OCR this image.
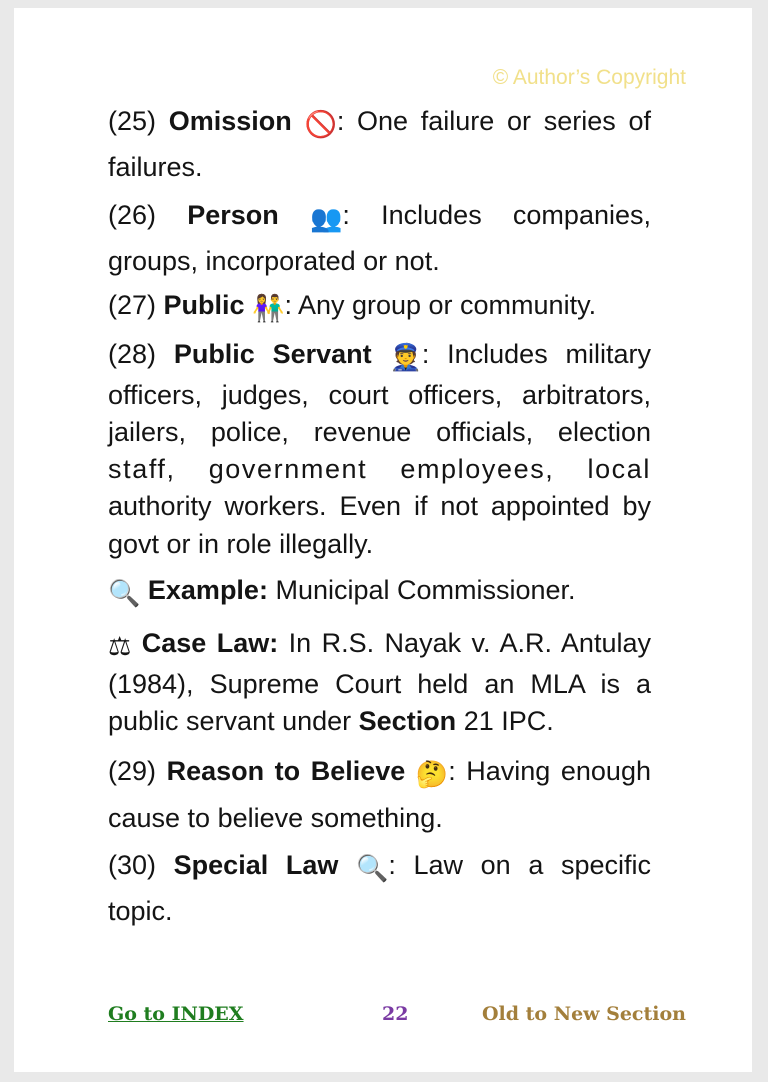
© Author’s Copyright

(25) Omission 🚫: One failure or series of failures.

(26) Person 👥: Includes companies, groups, incorporated or not.

(27) Public 👫: Any group or community.

(28) Public Servant 👮: Includes military officers, judges, court officers, arbitrators, jailers, police, revenue officials, election staff, government employees, local authority workers. Even if not appointed by govt or in role illegally.

🔍 Example: Municipal Commissioner.

⚖ Case Law: In R.S. Nayak v. A.R. Antulay (1984), Supreme Court held an MLA is a public servant under Section 21 IPC.

(29) Reason to Believe 🤔: Having enough cause to believe something.

(30) Special Law 🔍: Law on a specific topic.

Go to INDEX	22	Old to New Section
